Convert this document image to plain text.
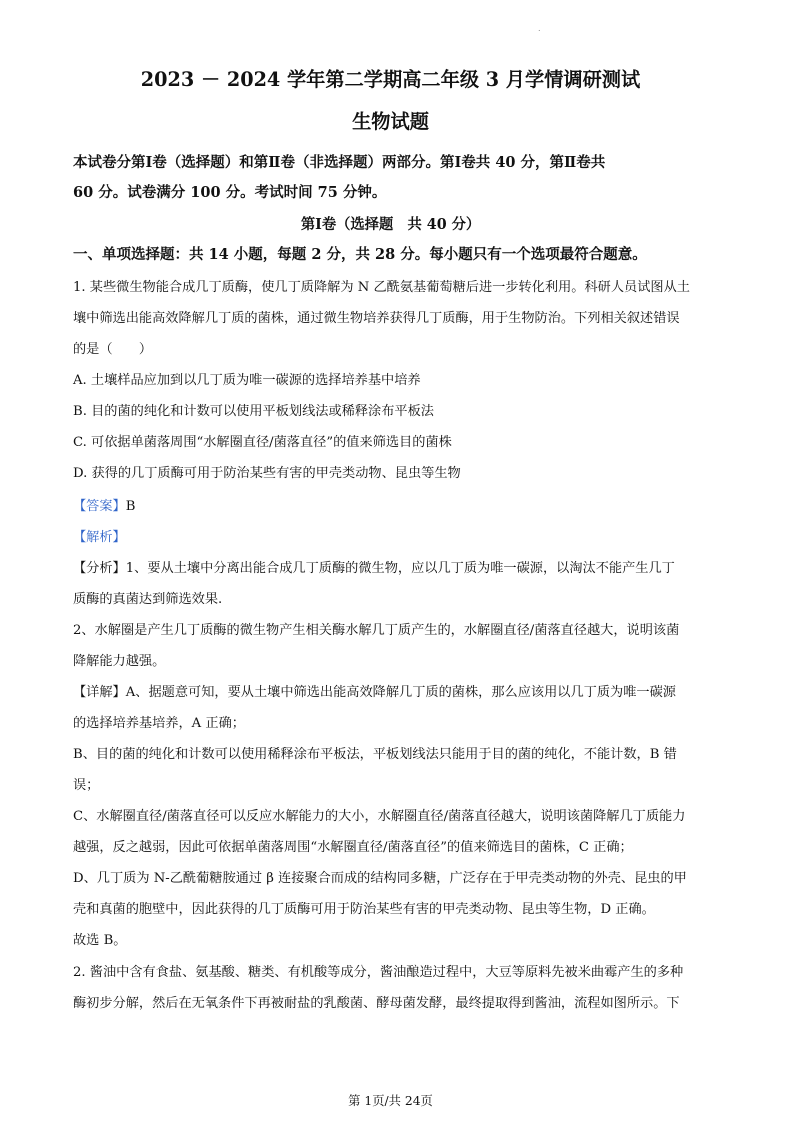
.
2023 － 2024 学年第二学期高二年级 3 月学情调研测试
生物试题
本试卷分第Ⅰ卷（选择题）和第Ⅱ卷（非选择题）两部分。第Ⅰ卷共 40 分，第Ⅱ卷共
60 分。试卷满分 100 分。考试时间 75 分钟。
第Ⅰ卷（选择题　共 40 分）
一、单项选择题：共 14 小题，每题 2 分，共 28 分。每小题只有一个选项最符合题意。
1. 某些微生物能合成几丁质酶，使几丁质降解为 N 乙酰氨基葡萄糖后进一步转化利用。科研人员试图从土
壤中筛选出能高效降解几丁质的菌株，通过微生物培养获得几丁质酶，用于生物防治。下列相关叙述错误
的是（　　）
A. 土壤样品应加到以几丁质为唯一碳源的选择培养基中培养
B. 目的菌的纯化和计数可以使用平板划线法或稀释涂布平板法
C. 可依据单菌落周围“水解圈直径/菌落直径”的值来筛选目的菌株
D. 获得的几丁质酶可用于防治某些有害的甲壳类动物、昆虫等生物
【答案】B
【解析】
【分析】1、要从土壤中分离出能合成几丁质酶的微生物，应以几丁质为唯一碳源，以淘汰不能产生几丁
质酶的真菌达到筛选效果.
2、水解圈是产生几丁质酶的微生物产生相关酶水解几丁质产生的，水解圈直径/菌落直径越大，说明该菌
降解能力越强。
【详解】A、据题意可知，要从土壤中筛选出能高效降解几丁质的菌株，那么应该用以几丁质为唯一碳源
的选择培养基培养，A 正确；
B、目的菌的纯化和计数可以使用稀释涂布平板法，平板划线法只能用于目的菌的纯化，不能计数，B 错
误；
C、水解圈直径/菌落直径可以反应水解能力的大小，水解圈直径/菌落直径越大，说明该菌降解几丁质能力
越强，反之越弱，因此可依据单菌落周围“水解圈直径/菌落直径”的值来筛选目的菌株，C 正确；
D、几丁质为 N-乙酰葡糖胺通过 β 连接聚合而成的结构同多糖，广泛存在于甲壳类动物的外壳、昆虫的甲
壳和真菌的胞壁中，因此获得的几丁质酶可用于防治某些有害的甲壳类动物、昆虫等生物，D 正确。
故选 B。
2. 酱油中含有食盐、氨基酸、糖类、有机酸等成分，酱油酿造过程中，大豆等原料先被米曲霉产生的多种
酶初步分解，然后在无氧条件下再被耐盐的乳酸菌、酵母菌发酵，最终提取得到酱油，流程如图所示。下
第 1页/共 24页
